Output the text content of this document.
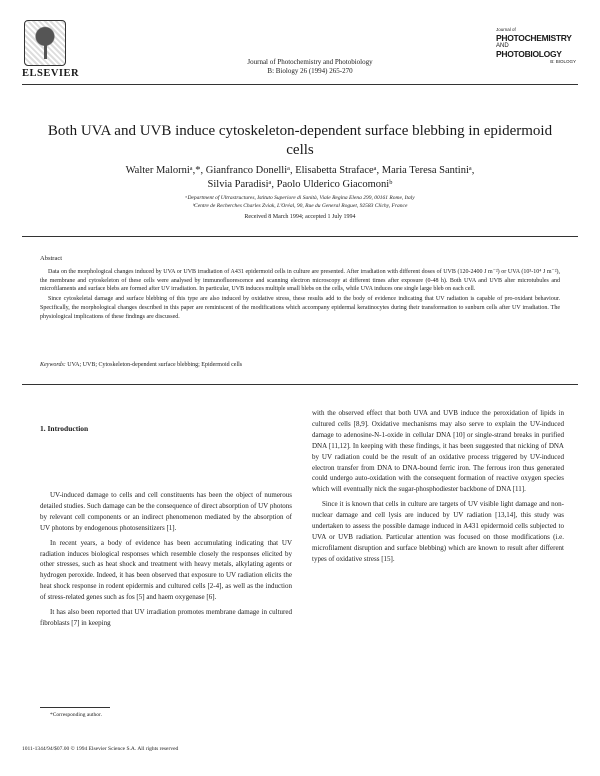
ELSEVIER
Journal of Photochemistry and Photobiology
B: Biology 26 (1994) 265-270
Journal of
PHOTOCHEMISTRY
AND
PHOTOBIOLOGY
B: BIOLOGY
Both UVA and UVB induce cytoskeleton-dependent surface blebbing in epidermoid cells
Walter Malorniᵃ,*, Gianfranco Donelliᵃ, Elisabetta Strafaceᵃ, Maria Teresa Santiniᵃ,
Silvia Paradisiᵃ, Paolo Ulderico Giacomoniᵇ
ᵃDepartment of Ultrastructures, Istituto Superiore di Sanità, Viale Regina Elena 299, 00161 Rome, Italy
ᵇCentre de Recherches Charles Zviak, L'Oréal, 90, Rue du General Roguet, 92583 Clichy, France
Received 8 March 1994; accepted 1 July 1994
Abstract

Data on the morphological changes induced by UVA or UVB irradiation of A431 epidermoid cells in culture are presented. After irradiation with different doses of UVB (120-2400 J m⁻²) or UVA (10³-10⁴ J m⁻²), the membrane and cytoskeleton of these cells were analysed by immunofluorescence and scanning electron microscopy at different times after exposure (0-48 h). Both UVA and UVB alter microtubules and microfilaments and surface blebs are formed after UV irradiation. In particular, UVB induces multiple small blebs on the cells, while UVA induces one single large bleb on each cell.

Since cytoskeletal damage and surface blebbing of this type are also induced by oxidative stress, these results add to the body of evidence indicating that UV radiation is capable of pro-oxidant behaviour. Specifically, the morphological changes described in this paper are reminiscent of the modifications which accompany epidermal keratinocytes during their transformation to sunburn cells after UV irradiation. The physiological implications of these findings are discussed.

Keywords: UVA; UVB; Cytoskeleton-dependent surface blebbing; Epidermoid cells
1. Introduction

UV-induced damage to cells and cell constituents has been the object of numerous detailed studies. Such damage can be the consequence of direct absorption of UV photons by relevant cell components or an indirect phenomenon mediated by the absorption of UV photons by endogenous photosensitizers [1].

In recent years, a body of evidence has been accumulating indicating that UV radiation induces biological responses which resemble closely the responses elicited by other stresses, such as heat shock and treatment with heavy metals, alkylating agents or hydrogen peroxide. Indeed, it has been observed that exposure to UV radiation elicits the heat shock response in rodent epidermis and cultured cells [2-4], as well as the induction of stress-related genes such as fos [5] and haem oxygenase [6].

It has also been reported that UV irradiation promotes membrane damage in cultured fibroblasts [7] in keeping

with the observed effect that both UVA and UVB induce the peroxidation of lipids in cultured cells [8,9]. Oxidative mechanisms may also serve to explain the UV-induced damage to adenosine-N-1-oxide in cellular DNA [10] or single-strand breaks in purified DNA [11,12]. In keeping with these findings, it has been suggested that nicking of DNA by UV radiation could be the result of an oxidative process triggered by UV-induced electron transfer from DNA to DNA-bound ferric iron. The ferrous iron thus generated could undergo auto-oxidation with the consequent formation of reactive oxygen species which will eventually nick the sugar-phosphodiester backbone of DNA [11].

Since it is known that cells in culture are targets of UV visible light damage and non-nuclear damage and cell lysis are induced by UV radiation [13,14], this study was undertaken to assess the possible damage induced in A431 epidermoid cells subjected to UVA or UVB radiation. Particular attention was focused on those modifications (i.e. microfilament disruption and surface blebbing) which are known to result after different types of oxidative stress [15].

*Corresponding author.
1011-1344/94/$07.00 © 1994 Elsevier Science S.A. All rights reserved
